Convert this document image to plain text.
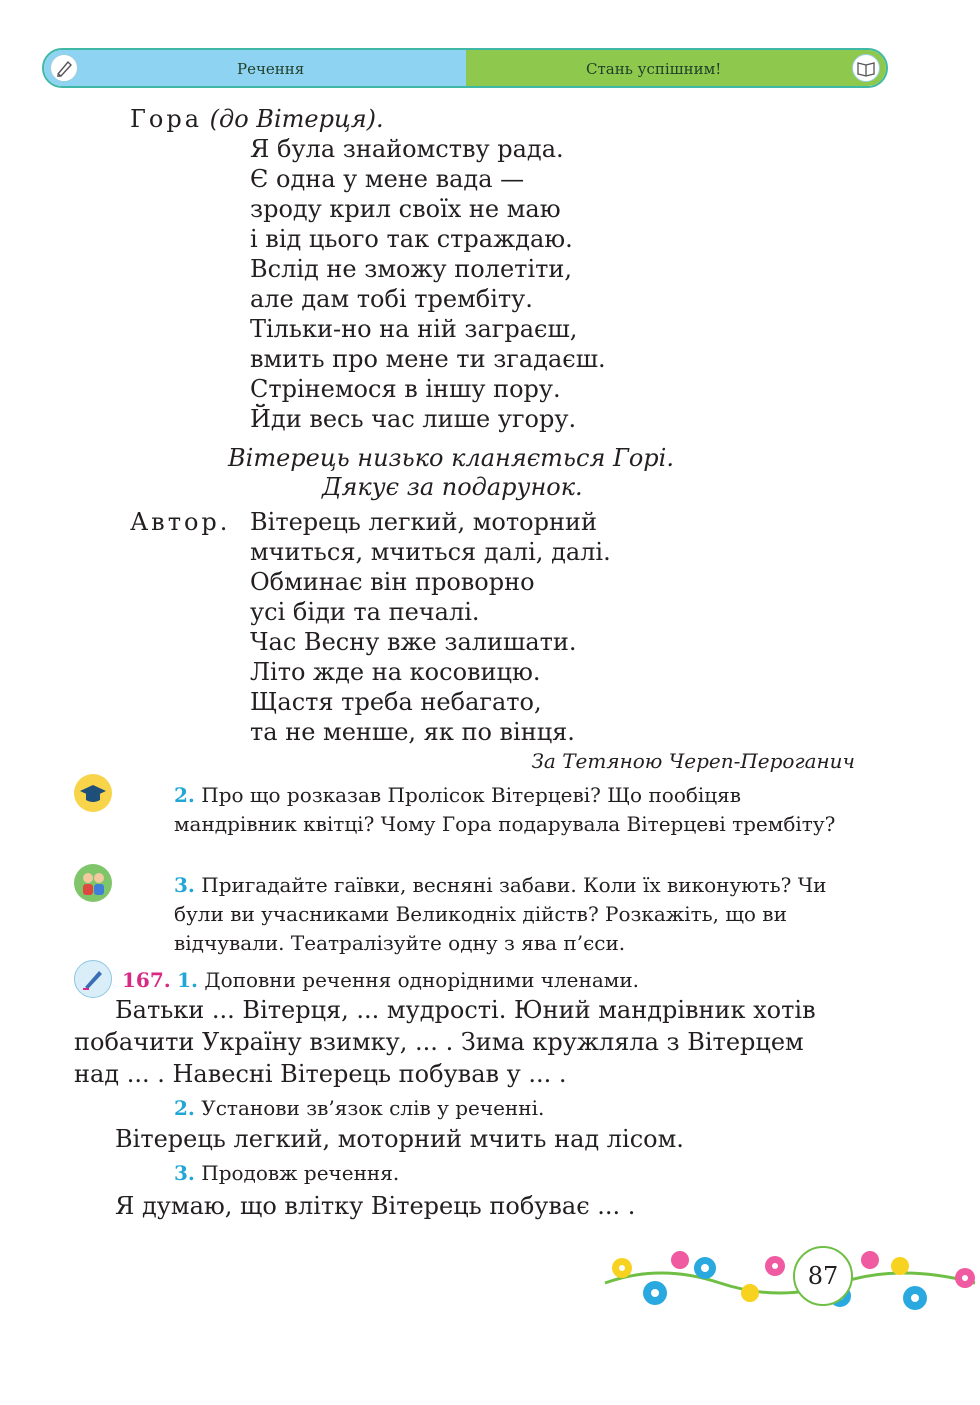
Речення	Стань успішним!
Гора (до Вітерця).
Я була знайомству рада.
Є одна у мене вада —
зроду крил своїх не маю
і від цього так страждаю.
Вслід не зможу полетіти,
але дам тобі трембіту.
Тільки-но на ній заграєш,
вмить про мене ти згадаєш.
Стрінемося в іншу пору.
Йди весь час лише угору.
Вітерець низько кланяється Горі.
Дякує за подарунок.
Автор. Вітерець легкий, моторний
мчиться, мчиться далі, далі.
Обминає він проворно
усі біди та печалі.
Час Весну вже залишати.
Літо жде на косовицю.
Щастя треба небагато,
та не менше, як по вінця.
За Тетяною Череп-Пероганич
2. Про що розказав Пролісок Вітерцеві? Що пообіцяв мандрівник квітці? Чому Гора подарувала Вітерцеві трембіту?
3. Пригадайте гаївки, весняні забави. Коли їх виконують? Чи були ви учасниками Великодніх дійств? Розкажіть, що ви відчували. Театралізуйте одну з ява п’єси.
167. 1. Доповни речення однорідними членами.
Батьки ... Вітерця, ... мудрості. Юний мандрівник хотів
побачити Україну взимку, ... . Зима кружляла з Вітерцем
над ... . Навесні Вітерець побував у ... .
2. Установи зв’язок слів у реченні.
Вітерець легкий, моторний мчить над лісом.
3. Продовж речення.
Я думаю, що влітку Вітерець побуває ... .
87
